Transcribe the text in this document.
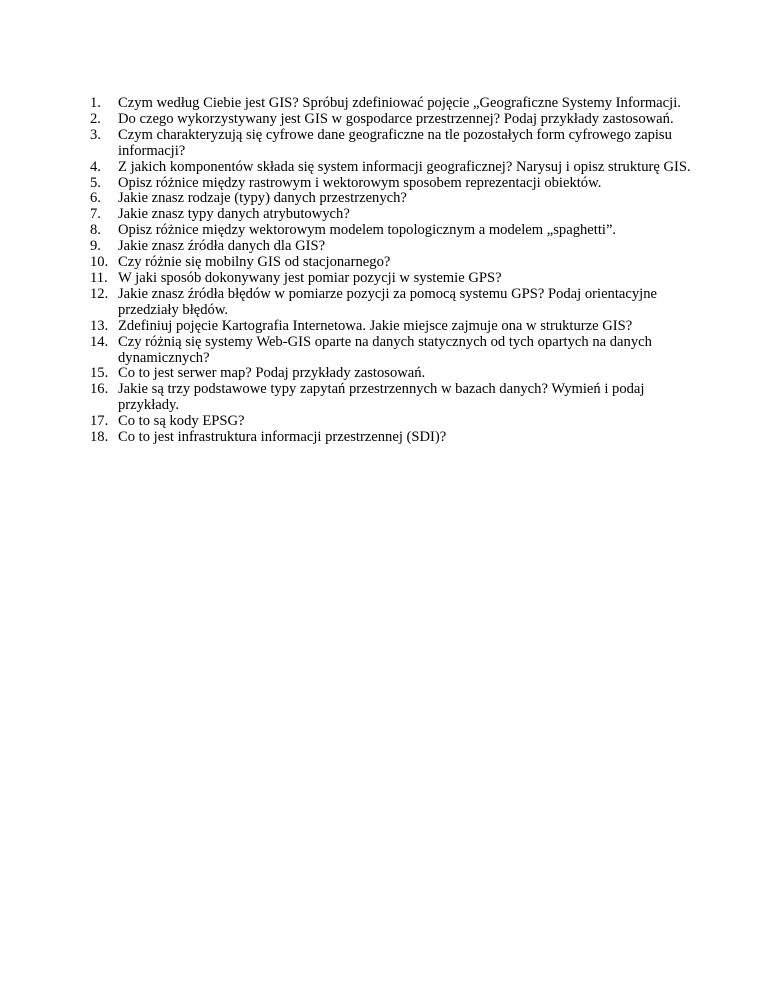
1.	Czym według Ciebie jest GIS? Spróbuj zdefiniować pojęcie „Geograficzne Systemy Informacji.
2.	Do czego wykorzystywany jest GIS w gospodarce przestrzennej? Podaj przykłady zastosowań.
3.	Czym charakteryzują się cyfrowe dane geograficzne na tle pozostałych form cyfrowego zapisu informacji?
4.	Z jakich komponentów składa się system informacji geograficznej? Narysuj i opisz strukturę GIS.
5.	Opisz różnice między rastrowym i wektorowym sposobem reprezentacji obiektów.
6.	Jakie znasz rodzaje (typy) danych przestrzenych?
7.	Jakie znasz typy danych atrybutowych?
8.	Opisz różnice między wektorowym modelem topologicznym a modelem „spaghetti”.
9.	Jakie znasz źródła danych dla GIS?
10. Czy różnie się mobilny GIS od stacjonarnego?
11. W jaki sposób dokonywany jest pomiar pozycji w systemie GPS?
12. Jakie znasz źródła błędów w pomiarze pozycji za pomocą systemu GPS? Podaj orientacyjne przedziały błędów.
13. Zdefiniuj pojęcie Kartografia Internetowa. Jakie miejsce zajmuje ona w strukturze GIS?
14. Czy różnią się systemy Web-GIS oparte na danych statycznych od tych opartych na danych dynamicznych?
15. Co to jest serwer map? Podaj przykłady zastosowań.
16. Jakie są trzy podstawowe typy zapytań przestrzennych w bazach danych? Wymień i podaj przykłady.
17. Co to są kody EPSG?
18. Co to jest infrastruktura informacji przestrzennej (SDI)?
